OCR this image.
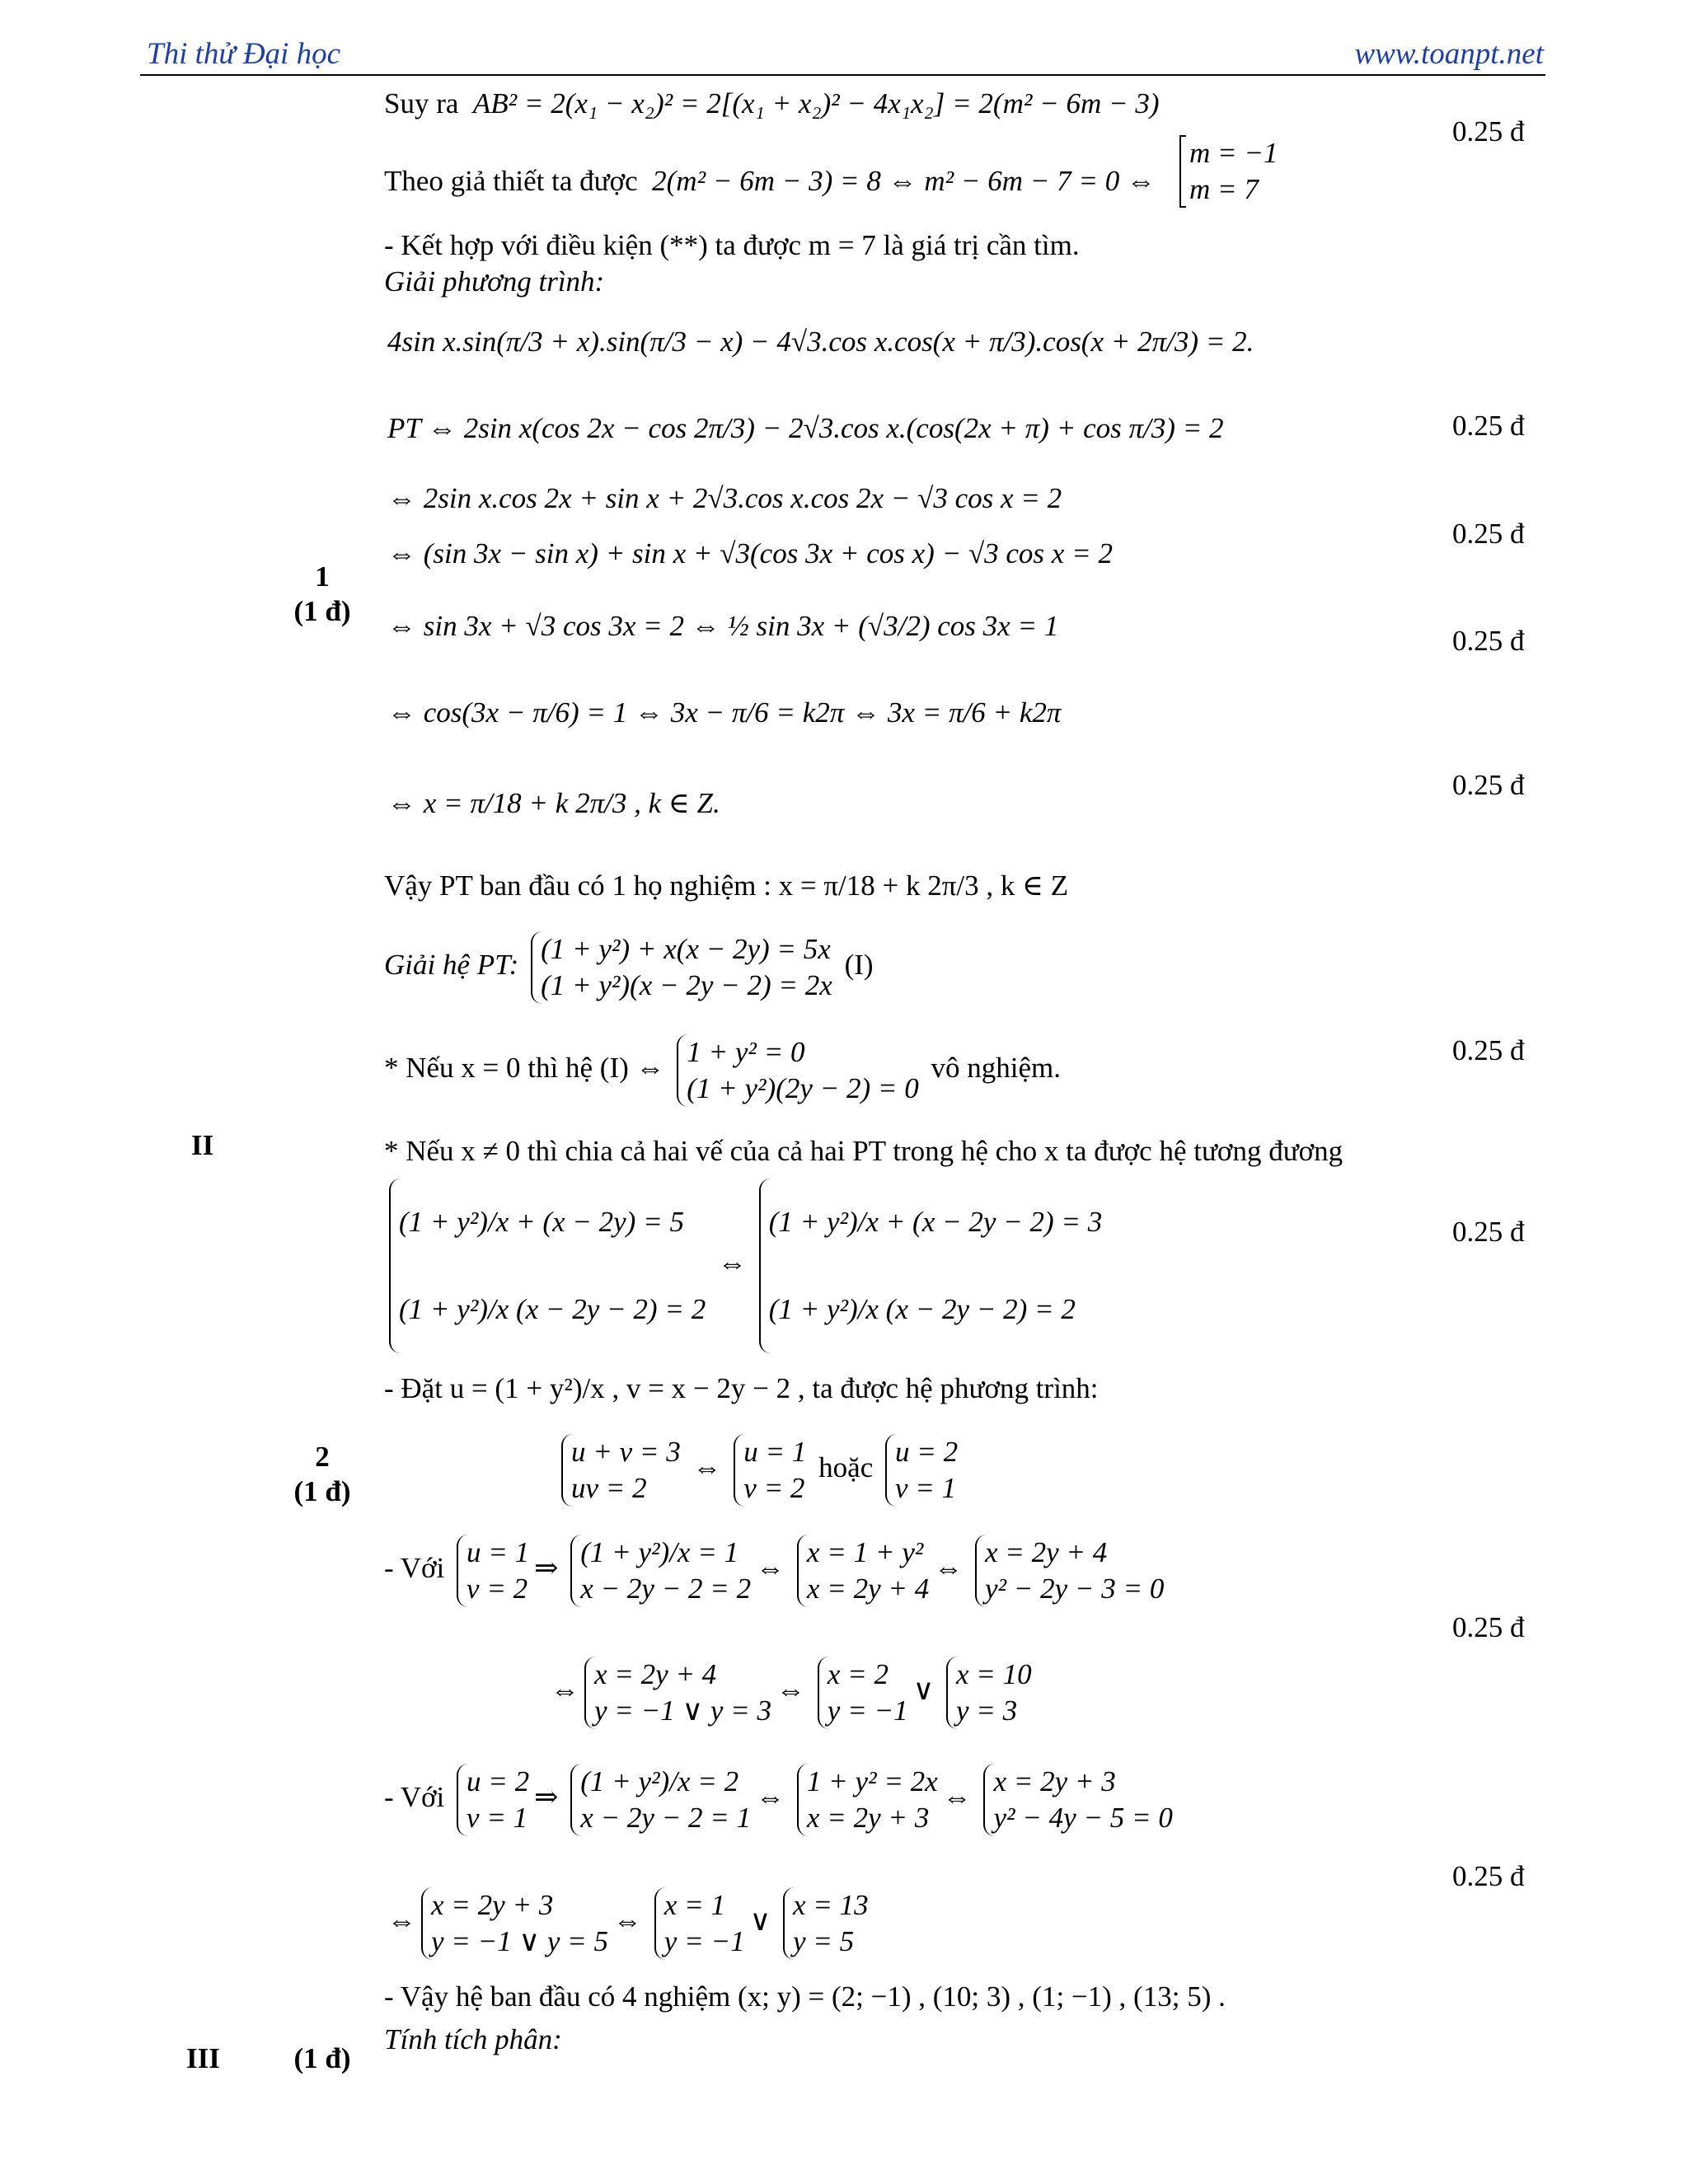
Thi thử Đại học	www.toanpt.net
II
III
1
(1 đ)
2
(1 đ)
(1 đ)
0.25 đ
0.25 đ
0.25 đ
0.25 đ
0.25 đ
0.25 đ
0.25 đ
0.25 đ
0.25 đ
Suy ra AB² = 2(x₁ − x₂)² = 2[(x₁ + x₂)² − 4x₁x₂] = 2(m² − 6m − 3)
Theo giả thiết ta được 2(m² − 6m − 3) = 8 ⇔ m² − 6m − 7 = 0 ⇔
m = −1
m = 7
- Kết hợp với điều kiện (**) ta được m = 7 là giá trị cần tìm.
Giải phương trình:
4sin x.sin(π/3 + x).sin(π/3 − x) − 4√3.cos x.cos(x + π/3).cos(x + 2π/3) = 2.
PT ⇔ 2sin x(cos 2x − cos 2π/3) − 2√3.cos x.(cos(2x + π) + cos π/3) = 2
⇔ 2sin x.cos 2x + sin x + 2√3.cos x.cos 2x − √3 cos x = 2
⇔ (sin 3x − sin x) + sin x + √3(cos 3x + cos x) − √3 cos x = 2
⇔ sin 3x + √3 cos 3x = 2 ⇔ ½ sin 3x + (√3/2) cos 3x = 1
⇔ cos(3x − π/6) = 1 ⇔ 3x − π/6 = k2π ⇔ 3x = π/6 + k2π
⇔ x = π/18 + k 2π/3 , k ∈ Z.
Vậy PT ban đầu có 1 họ nghiệm : x = π/18 + k 2π/3 , k ∈ Z
Giải hệ PT: (1 + y²) + x(x − 2y) = 5x
(1 + y²)(x − 2y − 2) = 2x
(I)
* Nếu x = 0 thì hệ (I) ⇔ 1 + y² = 0
(1 + y²)(2y − 2) = 0
vô nghiệm.
* Nếu x ≠ 0 thì chia cả hai vế của cả hai PT trong hệ cho x ta được hệ tương đương
(1 + y²)/x + (x − 2y) = 5
(1 + y²)/x (x − 2y − 2) = 2
⇔
(1 + y²)/x + (x − 2y − 2) = 3
(1 + y²)/x (x − 2y − 2) = 2
- Đặt u = (1 + y²)/x , v = x − 2y − 2 , ta được hệ phương trình:
u + v = 3
uv = 2
⇔ u = 1
v = 2
hoặc u = 2
v = 1
- Với u = 1
v = 2
⇒ (1 + y²)/x = 1
x − 2y − 2 = 2
⇔ x = 1 + y²
x = 2y + 4
⇔ x = 2y + 4
y² − 2y − 3 = 0
⇔ x = 2y + 4
y = −1 ∨ y = 3
⇔ x = 2
y = −1
∨ x = 10
y = 3
- Với u = 2
v = 1
⇒ (1 + y²)/x = 2
x − 2y − 2 = 1
⇔ 1 + y² = 2x
x = 2y + 3
⇔ x = 2y + 3
y² − 4y − 5 = 0
⇔ x = 2y + 3
y = −1 ∨ y = 5
⇔ x = 1
y = −1
∨ x = 13
y = 5
- Vậy hệ ban đầu có 4 nghiệm (x; y) = (2; −1) , (10; 3) , (1; −1) , (13; 5) .
Tính tích phân:
